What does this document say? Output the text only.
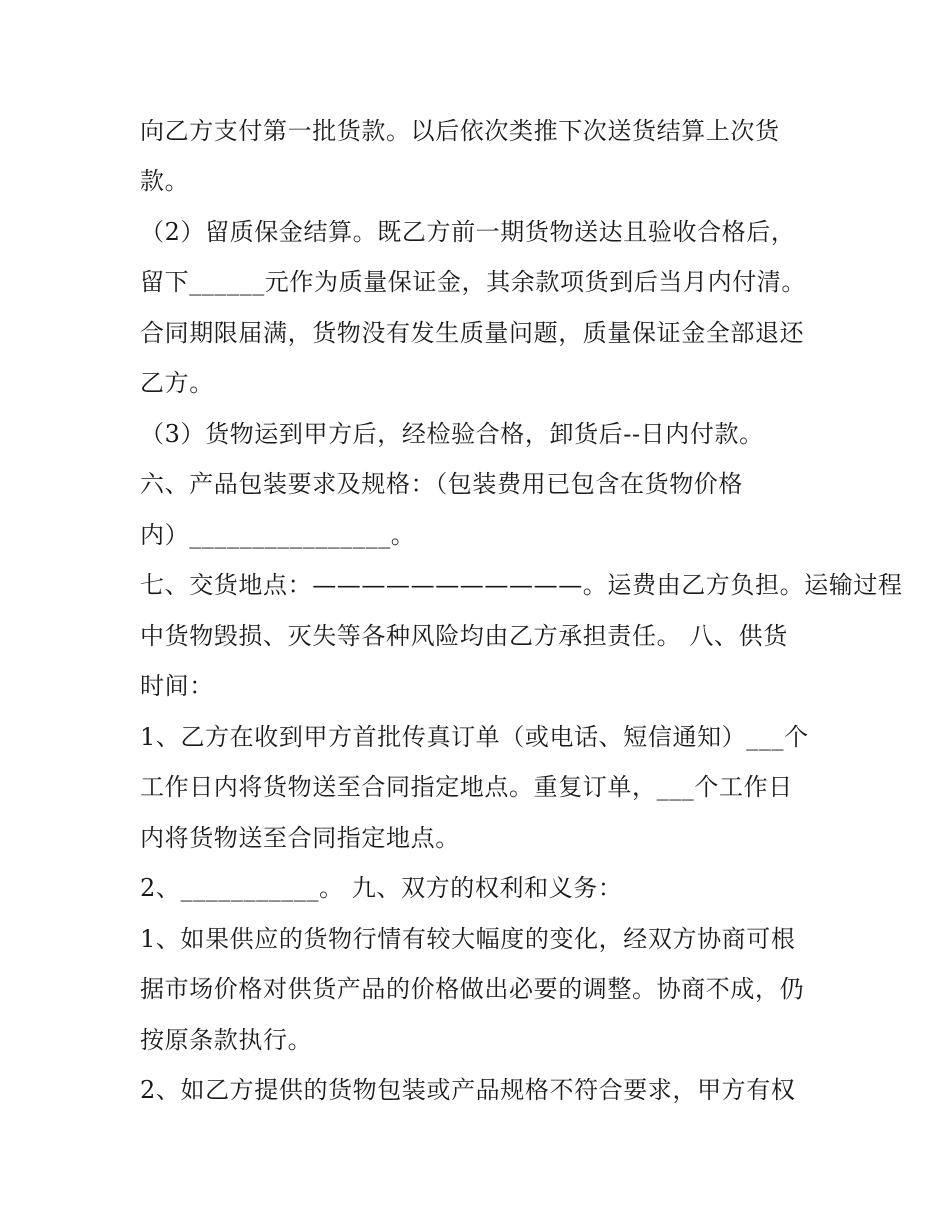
向乙方支付第一批货款。以后依次类推下次送货结算上次货
款。
（2）留质保金结算。既乙方前一期货物送达且验收合格后，
留下______元作为质量保证金，其余款项货到后当月内付清。
合同期限届满，货物没有发生质量问题，质量保证金全部退还
乙方。
（3）货物运到甲方后，经检验合格，卸货后--日内付款。
六、产品包装要求及规格：（包装费用已包含在货物价格
内）________________。
七、交货地点：———————————。运费由乙方负担。运输过程
中货物毁损、灭失等各种风险均由乙方承担责任。 八、供货
时间：
1、乙方在收到甲方首批传真订单（或电话、短信通知）___个
工作日内将货物送至合同指定地点。重复订单，___个工作日
内将货物送至合同指定地点。
2、___________。 九、双方的权利和义务：
1、如果供应的货物行情有较大幅度的变化，经双方协商可根
据市场价格对供货产品的价格做出必要的调整。协商不成，仍
按原条款执行。
2、如乙方提供的货物包装或产品规格不符合要求，甲方有权
